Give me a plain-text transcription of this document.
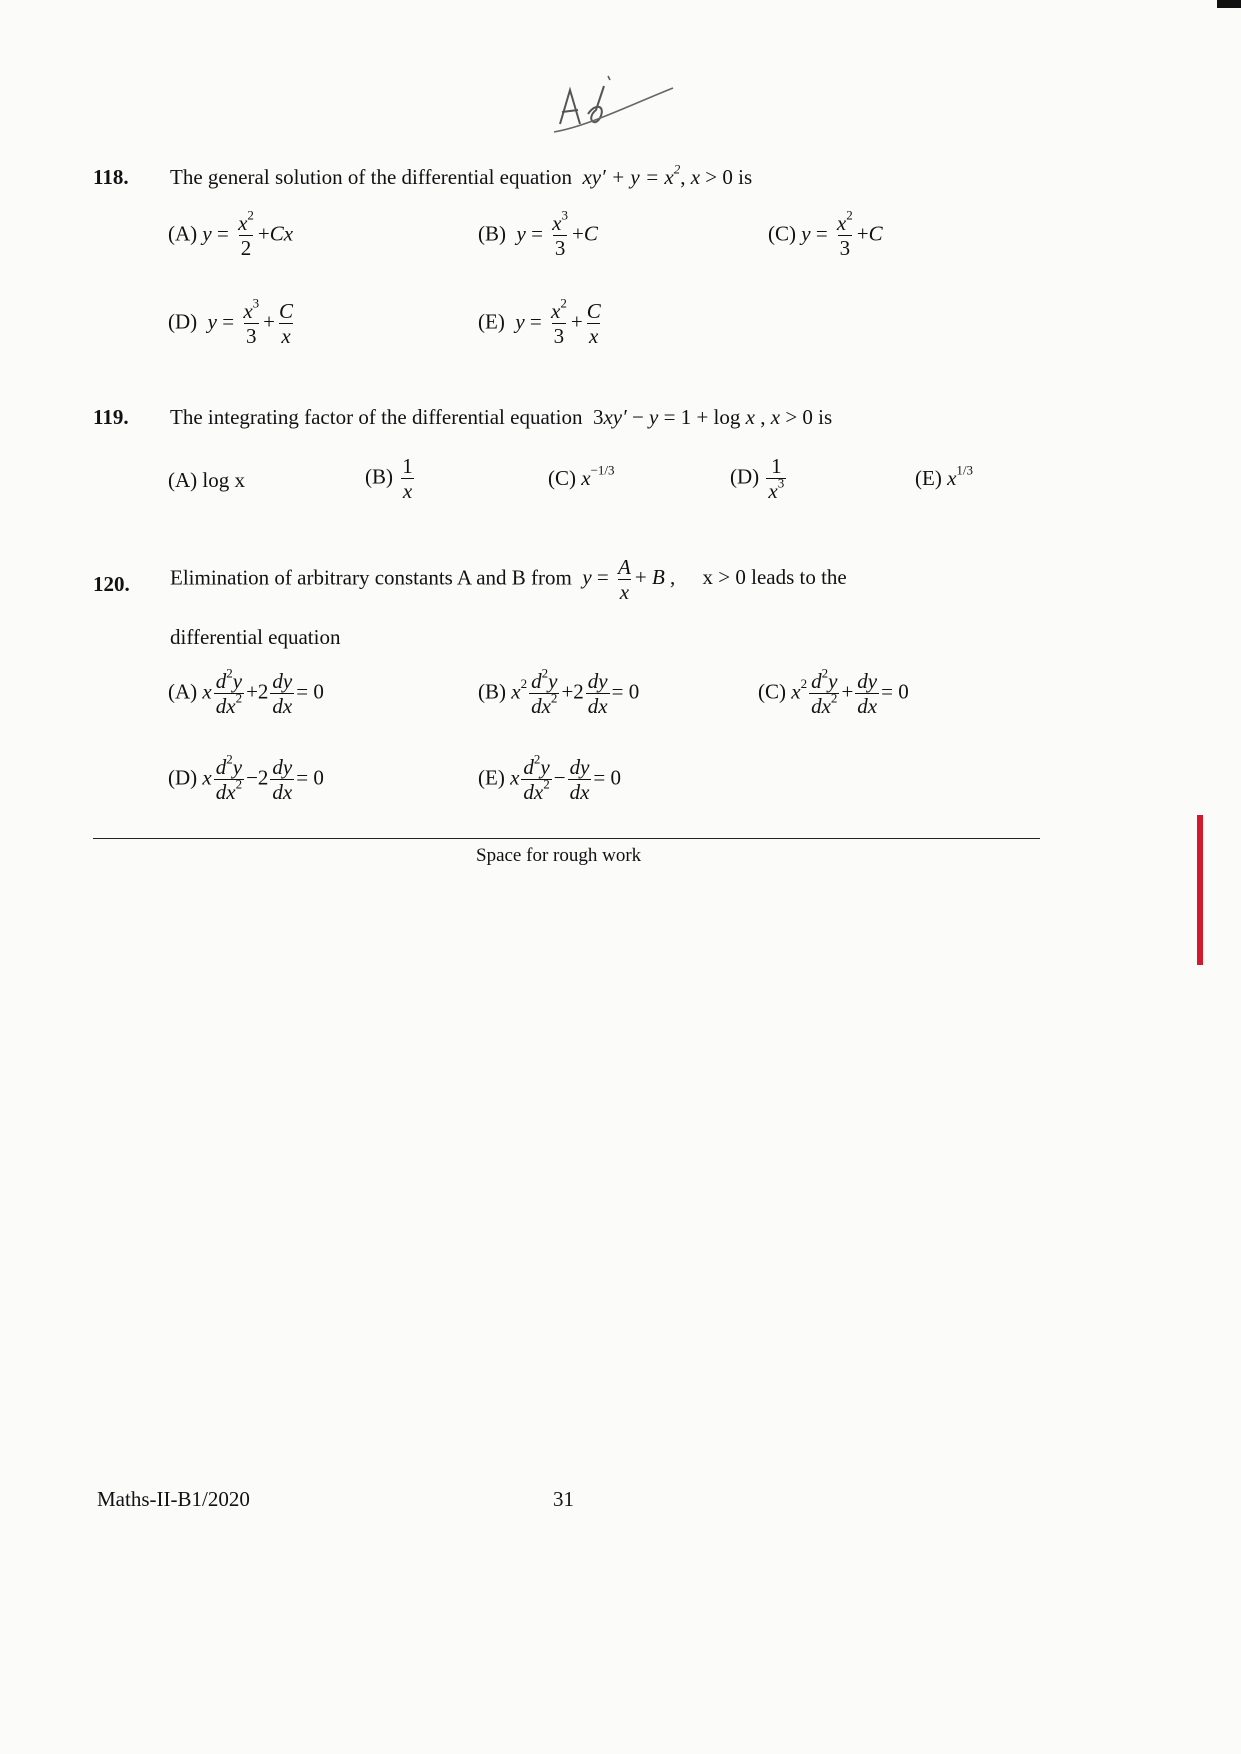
118. The general solution of the differential equation  $xy' + y = x^2$, x > 0 is
(A) $y = \frac{x^2}{2} +Cx$	(B) $y = \frac{x^3}{3} +C$	(C) $y = \frac{x^2}{3} +C$
(D) $y = \frac{x^3}{3} + \frac{C}{x}$	(E) $y = \frac{x^2}{3} + \frac{C}{x}$
119. The integrating factor of the differential equation  3xy′ − y = 1 + log x , x > 0 is
(A) log x	$(B) \frac{1}{x}$	(C) $x^{-1/3}$	$(D) \frac{1}{x^3}$	(E) $x^{1/3}$
120. Elimination of arbitrary constants A and B from $y = \frac{A}{x} + B$ , x > 0 leads to the
differential equation
(A) x $\frac{d^2y}{dx^2} +2 \frac{dy}{dx} = 0$	(B) $x^2 \frac{d^2y}{dx^2} +2 \frac{dy}{dx} = 0$	(C) $x^2 \frac{d^2y}{dx^2} + \frac{dy}{dx} = 0$
(D) x $\frac{d^2y}{dx^2} -2 \frac{dy}{dx} = 0$	(E) x $\frac{d^2y}{dx^2} - \frac{dy}{dx} = 0$
Space for rough work
Maths-II-B1/2020	31
